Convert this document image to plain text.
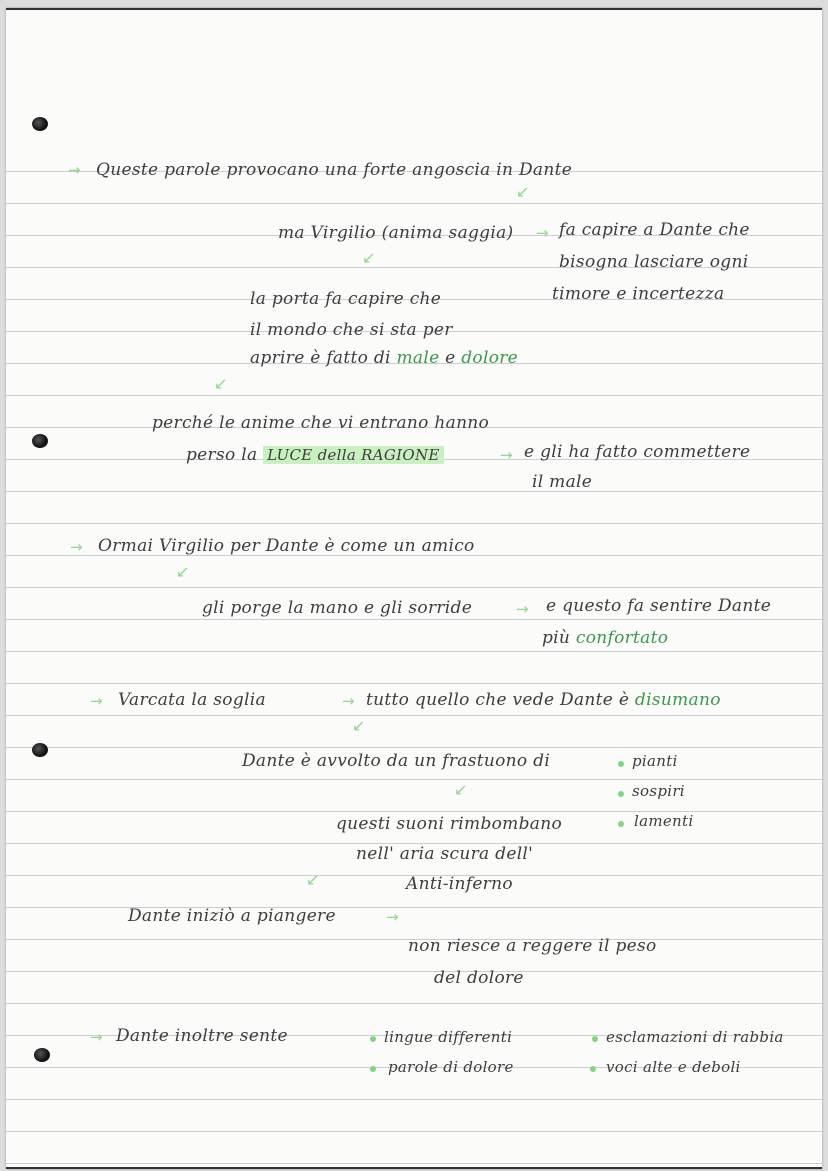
→ Queste parole provocano una forte angoscia in Dante
↙
ma Virgilio (anima saggia) → fa capire a Dante che
bisogna lasciare ogni
timore e incertezza
↙
la porta fa capire che
il mondo che si sta per
aprire è fatto di male e dolore
↙
perché le anime che vi entrano hanno
perso la LUCE della RAGIONE	→ e gli ha fatto commettere
il male
→ Ormai Virgilio per Dante è come un amico
↙
gli porge la mano e gli sorride	→ e questo fa sentire Dante
più confortato
→ Varcata la soglia	→ tutto quello che vede Dante è disumano
↙
Dante è avvolto da un frastuono di	pianti
sospiri
lamenti
↙
questi suoni rimbombano
nell' aria scura dell'
Anti-inferno
↙
Dante iniziò a piangere	→
non riesce a reggere il peso
del dolore
→ Dante inoltre sente	lingue differenti
parole di dolore
esclamazioni di rabbia
voci alte e deboli
